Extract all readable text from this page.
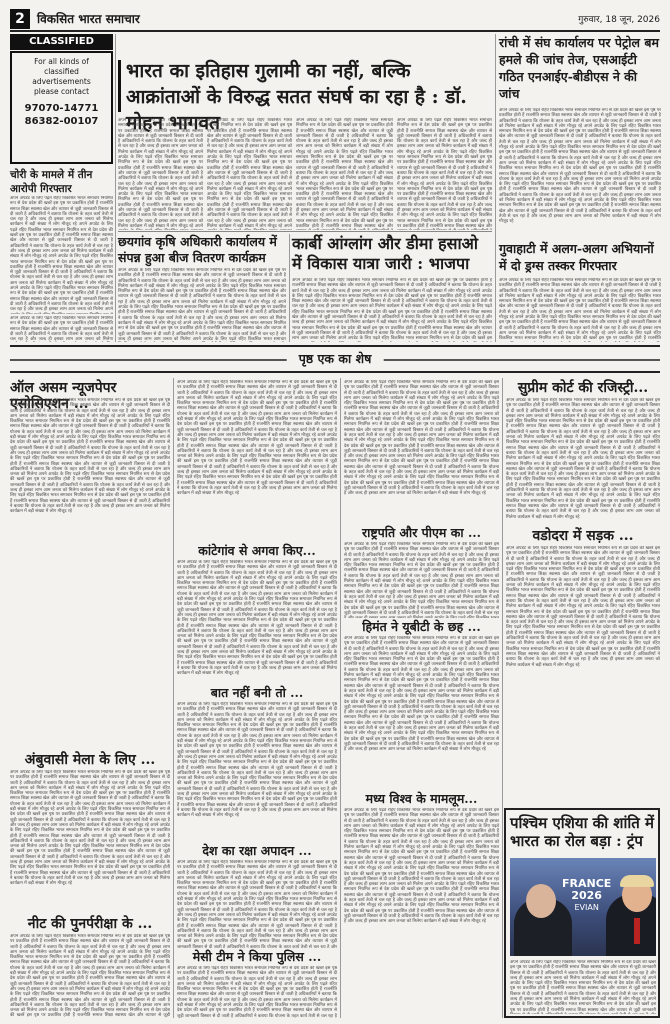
2	विकसित भारत समाचार	गुरुवार, 18 जून, 2026
CLASSIFIED
For all kinds of
classified
advertisements
please contact
97070-14771
86382-00107
चोरी के मामले में तीन आरोपी गिरफ्तार
अपने अपडेट के लिए पढ़ते रहिए विकसित भारत समाचार नियमित रूप से देश प्रदेश की खबरें इस पृष्ठ पर प्रकाशित होती हैं राजनीति समाज शिक्षा स्वास्थ्य खेल और व्यापार से जुड़ी जानकारी विस्तार से दी जाती है अधिकारियों ने बताया कि योजना के तहत कार्य तेजी से चल रहा है और जल्द ही इसका लाभ आम जनता को मिलेगा कार्यक्रम में बड़ी संख्या में लोग मौजूद रहे अपने अपडेट के लिए पढ़ते रहिए विकसित भारत समाचार नियमित रूप से देश प्रदेश की खबरें इस पृष्ठ पर प्रकाशित होती हैं राजनीति समाज शिक्षा स्वास्थ्य खेल और व्यापार से जुड़ी जानकारी विस्तार से दी जाती है अधिकारियों ने बताया कि योजना के तहत कार्य तेजी से चल रहा है और जल्द ही इसका लाभ आम जनता को मिलेगा कार्यक्रम में बड़ी संख्या में लोग मौजूद रहे अपने अपडेट के लिए पढ़ते रहिए विकसित भारत समाचार नियमित रूप से देश प्रदेश की खबरें इस पृष्ठ पर प्रकाशित होती हैं राजनीति समाज शिक्षा स्वास्थ्य खेल और व्यापार से जुड़ी जानकारी विस्तार से दी जाती है अधिकारियों ने बताया कि योजना के तहत कार्य तेजी से चल रहा है और जल्द ही इसका लाभ आम जनता को मिलेगा कार्यक्रम में बड़ी संख्या में लोग मौजूद रहे अपने अपडेट के लिए पढ़ते रहिए विकसित भारत समाचार नियमित रूप से देश प्रदेश की खबरें इस पृष्ठ पर प्रकाशित होती हैं राजनीति समाज शिक्षा स्वास्थ्य खेल और व्यापार से जुड़ी जानकारी विस्तार से दी जाती है अधिकारियों ने बताया कि योजना के तहत कार्य तेजी से चल रहा है और जल्द ही इसका लाभ आम जनता को मिलेगा अपने अपडेट के लिए पढ़ते रहिए विकसित भारत समाचार नियमित रूप से देश प्रदेश की खबरें इस पृष्ठ पर प्रकाशित होती हैं राजनीति समाज शिक्षा स्वास्थ्य खेल और व्यापार से जुड़ी जानकारी विस्तार से दी जाती है अधिकारियों ने बताया कि योजना के तहत कार्य तेजी से चल रहा है और जल्द ही इसका लाभ आम जनता को मिलेगा कार्यक्रम में बड़ी संख्या में लोग मौजूद रहे अपने अपडेट के लिए पढ़ते रहिए विकसित भारत समाचार नियमित रूप से देश प्रदेश की खबरें इस पृष्ठ पर प्रकाशित होती हैं राजनीति समाज शिक्षा स्वास्थ्य खेल और व्यापार से जुड़ी जानकारी विस्तार से दी जाती है अधिकारियों ने बताया कि योजना के तहत कार्य तेजी से चल रहा है और जल्द ही इसका लाभ आम जनता को मिलेगा कार्यक्रम में बड़ी संख्या में लोग मौजूद रहे
अपने अपडेट के लिए पढ़ते रहिए विकसित भारत समाचार नियमित रूप से देश प्रदेश की खबरें इस पृष्ठ पर प्रकाशित होती हैं राजनीति समाज शिक्षा स्वास्थ्य खेल और व्यापार से जुड़ी जानकारी विस्तार से दी जाती है अधिकारियों ने बताया कि योजना के तहत कार्य तेजी से चल रहा है और जल्द ही इसका लाभ आम जनता को मिलेगा कार्यक्रम में बड़ी संख्या में लोग मौजूद रहे अपने अपडेट के लिए पढ़ते रहिए विकसित भारत समाचार नियमित रूप से देश प्रदेश की खबरें इस पृष्ठ पर प्रकाशित होती हैं राजनीति समाज शिक्षा स्वास्थ्य खेल और व्यापार से जुड़ी जानकारी विस्तार से दी जाती है अधिकारियों ने बताया कि योजना के तहत कार्य तेजी से चल रहा है और जल्द ही इसका लाभ आम जनता को मिलेगा कार्यक्रम में बड़ी संख्या में लोग मौजूद रहे अपने अपडेट के लिए पढ़ते रहिए विकसित भारत समाचार नियमित रूप से देश प्रदेश की खबरें इस पृष्ठ पर प्रकाशित होती हैं राजनीति समाज शिक्षा स्वास्थ्य खेल और व्यापार से जुड़ी जानकारी विस्तार से दी जाती है अधिकारियों ने बताया कि योजना के तहत कार्य तेजी से चल रहा है और जल्द ही इसका लाभ आम जनता को मिलेगा कार्यक्रम में बड़ी संख्या में लोग मौजूद रहे अपने अपडेट के लिए पढ़ते रहिए विकसित भारत समाचार नियमित रूप से देश प्रदेश की खबरें इस पृष्ठ पर प्रकाशित होती हैं राजनीति समाज शिक्षा स्वास्थ्य खेल और व्यापार से जुड़ी जानकारी विस्तार से दी जाती है अधिकारियों ने बताया कि योजना के तहत कार्य तेजी से चल रहा है और जल्द ही इसका लाभ आम जनता को मिलेगा अपने अपडेट के लिए पढ़ते रहिए विकसित भारत समाचार नियमित रूप से देश प्रदेश की खबरें इस पृष्ठ पर प्रकाशित होती हैं राजनीति समाज शिक्षा स्वास्थ्य खेल और व्यापार से जुड़ी जानकारी विस्तार से दी जाती है अधिकारियों ने बताया कि योजना के तहत कार्य तेजी से चल रहा है और जल्द ही इसका लाभ आम जनता को मिलेगा कार्यक्रम में बड़ी संख्या में लोग मौजूद रहे अपने अपडेट के लिए पढ़ते रहिए विकसित भारत समाचार नियमित रूप से देश प्रदेश की खबरें इस पृष्ठ पर प्रकाशित होती हैं राजनीति समाज शिक्षा स्वास्थ्य खेल और व्यापार से जुड़ी जानकारी विस्तार से दी जाती है अधिकारियों ने बताया कि योजना के तहत कार्य तेजी से चल रहा है और जल्द ही इसका लाभ आम जनता को मिलेगा कार्यक्रम में बड़ी संख्या में लोग मौजूद रहे
भारत का इतिहास गुलामी का नहीं, बल्कि आक्रांताओं के विरुद्ध सतत संघर्ष का रहा है : डॉ. मोहन भागवत
अपने अपडेट के लिए पढ़ते रहिए विकसित भारत समाचार नियमित रूप से देश प्रदेश की खबरें इस पृष्ठ पर प्रकाशित होती हैं राजनीति समाज शिक्षा स्वास्थ्य खेल और व्यापार से जुड़ी जानकारी विस्तार से दी जाती है अधिकारियों ने बताया कि योजना के तहत कार्य तेजी से चल रहा है और जल्द ही इसका लाभ आम जनता को मिलेगा कार्यक्रम में बड़ी संख्या में लोग मौजूद रहे अपने अपडेट के लिए पढ़ते रहिए विकसित भारत समाचार नियमित रूप से देश प्रदेश की खबरें इस पृष्ठ पर प्रकाशित होती हैं राजनीति समाज शिक्षा स्वास्थ्य खेल और व्यापार से जुड़ी जानकारी विस्तार से दी जाती है अधिकारियों ने बताया कि योजना के तहत कार्य तेजी से चल रहा है और जल्द ही इसका लाभ आम जनता को मिलेगा कार्यक्रम में बड़ी संख्या में लोग मौजूद रहे अपने अपडेट के लिए पढ़ते रहिए विकसित भारत समाचार नियमित रूप से देश प्रदेश की खबरें इस पृष्ठ पर प्रकाशित होती हैं राजनीति समाज शिक्षा स्वास्थ्य खेल और व्यापार से जुड़ी जानकारी विस्तार से दी जाती है अधिकारियों ने बताया कि योजना के तहत कार्य तेजी से चल रहा है और जल्द ही इसका लाभ आम जनता को मिलेगा कार्यक्रम में बड़ी संख्या में लोग मौजूद रहे अपने अपडेट के लिए पढ़ते रहिए विकसित भारत समाचार नियमित रूप से देश प्रदेश की खबरें इस पृष्ठ पर प्रकाशित होती हैं राजनीति समाज शिक्षा स्वास्थ्य खेल और व्यापार से जुड़ी जानकारी विस्तार से दी जाती है अधिकारियों ने बताया कि योजना के तहत कार्य तेजी से चल रहा है और जल्द ही इसका लाभ आम जनता को मिलेगा अपने अपडेट के लिए पढ़ते रहिए विकसित भारत समाचार नियमित रूप से देश प्रदेश की खबरें इस पृष्ठ पर प्रकाशित होती हैं राजनीति समाज शिक्षा स्वास्थ्य खेल और व्यापार से जुड़ी जानकारी विस्तार से दी जाती है अधिकारियों ने बताया कि योजना के तहत कार्य तेजी से चल रहा है और जल्द ही इसका लाभ आम जनता को मिलेगा कार्यक्रम में बड़ी संख्या में लोग मौजूद रहे अपने अपडेट के लिए पढ़ते रहिए विकसित भारत समाचार नियमित रूप से देश प्रदेश की खबरें इस पृष्ठ पर प्रकाशित होती हैं राजनीति समाज शिक्षा स्वास्थ्य खेल और व्यापार से जुड़ी जानकारी विस्तार से दी जाती है अधिकारियों ने बताया कि योजना के तहत कार्य तेजी से चल रहा है और जल्द ही इसका लाभ आम जनता को मिलेगा कार्यक्रम में बड़ी संख्या में लोग मौजूद रहे
अपने अपडेट के लिए पढ़ते रहिए विकसित भारत समाचार नियमित रूप से देश प्रदेश की खबरें इस पृष्ठ पर प्रकाशित होती हैं राजनीति समाज शिक्षा स्वास्थ्य खेल और व्यापार से जुड़ी जानकारी विस्तार से दी जाती है अधिकारियों ने बताया कि योजना के तहत कार्य तेजी से चल रहा है और जल्द ही इसका लाभ आम जनता को मिलेगा कार्यक्रम में बड़ी संख्या में लोग मौजूद रहे अपने अपडेट के लिए पढ़ते रहिए विकसित भारत समाचार नियमित रूप से देश प्रदेश की खबरें इस पृष्ठ पर प्रकाशित होती हैं राजनीति समाज शिक्षा स्वास्थ्य खेल और व्यापार से जुड़ी जानकारी विस्तार से दी जाती है अधिकारियों ने बताया कि योजना के तहत कार्य तेजी से चल रहा है और जल्द ही इसका लाभ आम जनता को मिलेगा कार्यक्रम में बड़ी संख्या में लोग मौजूद रहे अपने अपडेट के लिए पढ़ते रहिए विकसित भारत समाचार नियमित रूप से देश प्रदेश की खबरें इस पृष्ठ पर प्रकाशित होती हैं राजनीति समाज शिक्षा स्वास्थ्य खेल और व्यापार से जुड़ी जानकारी विस्तार से दी जाती है अधिकारियों ने बताया कि योजना के तहत कार्य तेजी से चल रहा है और जल्द ही इसका लाभ आम जनता को मिलेगा कार्यक्रम में बड़ी संख्या में लोग मौजूद रहे अपने अपडेट के लिए पढ़ते रहिए विकसित भारत समाचार नियमित रूप से देश प्रदेश की खबरें इस पृष्ठ पर प्रकाशित होती हैं राजनीति समाज शिक्षा स्वास्थ्य खेल और व्यापार से जुड़ी जानकारी विस्तार से दी जाती है अधिकारियों ने बताया कि योजना के तहत कार्य तेजी से चल रहा है और जल्द ही इसका लाभ आम जनता को मिलेगा अपने अपडेट के लिए पढ़ते रहिए विकसित भारत समाचार नियमित रूप से देश प्रदेश की खबरें इस पृष्ठ पर प्रकाशित होती हैं राजनीति समाज शिक्षा स्वास्थ्य खेल और व्यापार से जुड़ी जानकारी विस्तार से दी जाती है अधिकारियों ने बताया कि योजना के तहत कार्य तेजी से चल रहा है और जल्द ही इसका लाभ आम जनता को मिलेगा कार्यक्रम में बड़ी संख्या में लोग मौजूद रहे अपने अपडेट के लिए पढ़ते रहिए विकसित भारत समाचार नियमित रूप से देश प्रदेश की खबरें इस पृष्ठ पर प्रकाशित होती हैं राजनीति समाज शिक्षा स्वास्थ्य खेल और व्यापार से जुड़ी जानकारी विस्तार से दी जाती है अधिकारियों ने बताया कि योजना के तहत कार्य तेजी से चल रहा है और जल्द ही इसका लाभ आम जनता को मिलेगा कार्यक्रम में बड़ी संख्या में लोग मौजूद रहे
अपने अपडेट के लिए पढ़ते रहिए विकसित भारत समाचार नियमित रूप से देश प्रदेश की खबरें इस पृष्ठ पर प्रकाशित होती हैं राजनीति समाज शिक्षा स्वास्थ्य खेल और व्यापार से जुड़ी जानकारी विस्तार से दी जाती है अधिकारियों ने बताया कि योजना के तहत कार्य तेजी से चल रहा है और जल्द ही इसका लाभ आम जनता को मिलेगा कार्यक्रम में बड़ी संख्या में लोग मौजूद रहे अपने अपडेट के लिए पढ़ते रहिए विकसित भारत समाचार नियमित रूप से देश प्रदेश की खबरें इस पृष्ठ पर प्रकाशित होती हैं राजनीति समाज शिक्षा स्वास्थ्य खेल और व्यापार से जुड़ी जानकारी विस्तार से दी जाती है अधिकारियों ने बताया कि योजना के तहत कार्य तेजी से चल रहा है और जल्द ही इसका लाभ आम जनता को मिलेगा कार्यक्रम में बड़ी संख्या में लोग मौजूद रहे अपने अपडेट के लिए पढ़ते रहिए विकसित भारत समाचार नियमित रूप से देश प्रदेश की खबरें इस पृष्ठ पर प्रकाशित होती हैं राजनीति समाज शिक्षा स्वास्थ्य खेल और व्यापार से जुड़ी जानकारी विस्तार से दी जाती है अधिकारियों ने बताया कि योजना के तहत कार्य तेजी से चल रहा है और जल्द ही इसका लाभ आम जनता को मिलेगा कार्यक्रम में बड़ी संख्या में लोग मौजूद रहे अपने अपडेट के लिए पढ़ते रहिए विकसित भारत समाचार नियमित रूप से देश प्रदेश की खबरें इस पृष्ठ पर प्रकाशित होती हैं राजनीति समाज शिक्षा स्वास्थ्य खेल और व्यापार से जुड़ी जानकारी विस्तार से दी जाती है अधिकारियों ने बताया कि योजना के तहत कार्य तेजी से चल रहा है और जल्द ही इसका लाभ आम जनता को मिलेगा अपने अपडेट के लिए पढ़ते रहिए विकसित भारत समाचार नियमित रूप से देश प्रदेश की खबरें इस पृष्ठ पर प्रकाशित होती हैं राजनीति समाज शिक्षा स्वास्थ्य खेल और व्यापार से जुड़ी जानकारी विस्तार से दी जाती है अधिकारियों ने बताया कि योजना के तहत कार्य तेजी से चल रहा है और जल्द ही इसका लाभ आम जनता को मिलेगा कार्यक्रम में बड़ी संख्या में लोग मौजूद रहे अपने अपडेट के लिए पढ़ते रहिए विकसित भारत समाचार नियमित रूप से देश प्रदेश की खबरें इस पृष्ठ पर प्रकाशित होती हैं राजनीति समाज शिक्षा स्वास्थ्य खेल और व्यापार से जुड़ी जानकारी विस्तार से दी जाती है अधिकारियों ने बताया कि योजना के तहत कार्य तेजी से चल रहा है और जल्द ही इसका लाभ आम जनता को मिलेगा कार्यक्रम में बड़ी संख्या में लोग मौजूद रहे
अपने अपडेट के लिए पढ़ते रहिए विकसित भारत समाचार नियमित रूप से देश प्रदेश की खबरें इस पृष्ठ पर प्रकाशित होती हैं राजनीति समाज शिक्षा स्वास्थ्य खेल और व्यापार से जुड़ी जानकारी विस्तार से दी जाती है अधिकारियों ने बताया कि योजना के तहत कार्य तेजी से चल रहा है और जल्द ही इसका लाभ आम जनता को मिलेगा कार्यक्रम में बड़ी संख्या में लोग मौजूद रहे अपने अपडेट के लिए पढ़ते रहिए विकसित भारत समाचार नियमित रूप से देश प्रदेश की खबरें इस पृष्ठ पर प्रकाशित होती हैं राजनीति समाज शिक्षा स्वास्थ्य खेल और व्यापार से जुड़ी जानकारी विस्तार से दी जाती है अधिकारियों ने बताया कि योजना के तहत कार्य तेजी से चल रहा है और जल्द ही इसका लाभ आम जनता को मिलेगा कार्यक्रम में बड़ी संख्या में लोग मौजूद रहे अपने अपडेट के लिए पढ़ते रहिए विकसित भारत समाचार नियमित रूप से देश प्रदेश की खबरें इस पृष्ठ पर प्रकाशित होती हैं राजनीति समाज शिक्षा स्वास्थ्य खेल और व्यापार से जुड़ी जानकारी विस्तार से दी जाती है अधिकारियों ने बताया कि योजना के तहत कार्य तेजी से चल रहा है और जल्द ही इसका लाभ आम जनता को मिलेगा कार्यक्रम में बड़ी संख्या में लोग मौजूद रहे अपने अपडेट के लिए पढ़ते रहिए विकसित भारत समाचार नियमित रूप से देश प्रदेश की खबरें इस पृष्ठ पर प्रकाशित होती हैं राजनीति समाज शिक्षा स्वास्थ्य खेल और व्यापार से जुड़ी जानकारी विस्तार से दी जाती है अधिकारियों ने बताया कि योजना के तहत कार्य तेजी से चल रहा है और जल्द ही इसका लाभ आम जनता को मिलेगा अपने अपडेट के लिए पढ़ते रहिए विकसित भारत समाचार नियमित रूप से देश प्रदेश की खबरें इस पृष्ठ पर प्रकाशित होती हैं राजनीति समाज शिक्षा स्वास्थ्य खेल और व्यापार से जुड़ी जानकारी विस्तार से दी जाती है अधिकारियों ने बताया कि योजना के तहत कार्य तेजी से चल रहा है और जल्द ही इसका लाभ आम जनता को मिलेगा कार्यक्रम में बड़ी संख्या में लोग मौजूद रहे अपने अपडेट के लिए पढ़ते रहिए विकसित भारत समाचार नियमित रूप से देश प्रदेश की खबरें इस पृष्ठ पर प्रकाशित होती हैं राजनीति समाज शिक्षा स्वास्थ्य खेल और व्यापार से जुड़ी जानकारी विस्तार से दी जाती है अधिकारियों ने बताया कि योजना के तहत कार्य तेजी से चल रहा है और जल्द ही इसका लाभ आम जनता को मिलेगा कार्यक्रम में बड़ी संख्या में लोग मौजूद रहे
रांची में संघ कार्यालय पर पेट्रोल बम हमले की जांच तेज, एसआईटी गठित एनआईए-बीडीएस ने की जांच
अपने अपडेट के लिए पढ़ते रहिए विकसित भारत समाचार नियमित रूप से देश प्रदेश की खबरें इस पृष्ठ पर प्रकाशित होती हैं राजनीति समाज शिक्षा स्वास्थ्य खेल और व्यापार से जुड़ी जानकारी विस्तार से दी जाती है अधिकारियों ने बताया कि योजना के तहत कार्य तेजी से चल रहा है और जल्द ही इसका लाभ आम जनता को मिलेगा कार्यक्रम में बड़ी संख्या में लोग मौजूद रहे अपने अपडेट के लिए पढ़ते रहिए विकसित भारत समाचार नियमित रूप से देश प्रदेश की खबरें इस पृष्ठ पर प्रकाशित होती हैं राजनीति समाज शिक्षा स्वास्थ्य खेल और व्यापार से जुड़ी जानकारी विस्तार से दी जाती है अधिकारियों ने बताया कि योजना के तहत कार्य तेजी से चल रहा है और जल्द ही इसका लाभ आम जनता को मिलेगा कार्यक्रम में बड़ी संख्या में लोग मौजूद रहे अपने अपडेट के लिए पढ़ते रहिए विकसित भारत समाचार नियमित रूप से देश प्रदेश की खबरें इस पृष्ठ पर प्रकाशित होती हैं राजनीति समाज शिक्षा स्वास्थ्य खेल और व्यापार से जुड़ी जानकारी विस्तार से दी जाती है अधिकारियों ने बताया कि योजना के तहत कार्य तेजी से चल रहा है और जल्द ही इसका लाभ आम जनता को मिलेगा कार्यक्रम में बड़ी संख्या में लोग मौजूद रहे अपने अपडेट के लिए पढ़ते रहिए विकसित भारत समाचार नियमित रूप से देश प्रदेश की खबरें इस पृष्ठ पर प्रकाशित होती हैं राजनीति समाज शिक्षा स्वास्थ्य खेल और व्यापार से जुड़ी जानकारी विस्तार से दी जाती है अधिकारियों ने बताया कि योजना के तहत कार्य तेजी से चल रहा है और जल्द ही इसका लाभ आम जनता को मिलेगा अपने अपडेट के लिए पढ़ते रहिए विकसित भारत समाचार नियमित रूप से देश प्रदेश की खबरें इस पृष्ठ पर प्रकाशित होती हैं राजनीति समाज शिक्षा स्वास्थ्य खेल और व्यापार से जुड़ी जानकारी विस्तार से दी जाती है अधिकारियों ने बताया कि योजना के तहत कार्य तेजी से चल रहा है और जल्द ही इसका लाभ आम जनता को मिलेगा कार्यक्रम में बड़ी संख्या में लोग मौजूद रहे अपने अपडेट के लिए पढ़ते रहिए विकसित भारत समाचार नियमित रूप से देश प्रदेश की खबरें इस पृष्ठ पर प्रकाशित होती हैं राजनीति समाज शिक्षा स्वास्थ्य खेल और व्यापार से जुड़ी जानकारी विस्तार से दी जाती है अधिकारियों ने बताया कि योजना के तहत कार्य तेजी से चल रहा है और जल्द ही इसका लाभ आम जनता को मिलेगा कार्यक्रम में बड़ी संख्या में लोग मौजूद रहे
गुवाहाटी में अलग-अलग अभियानों में दो ड्रग्स तस्कर गिरफ्तार
अपने अपडेट के लिए पढ़ते रहिए विकसित भारत समाचार नियमित रूप से देश प्रदेश की खबरें इस पृष्ठ पर प्रकाशित होती हैं राजनीति समाज शिक्षा स्वास्थ्य खेल और व्यापार से जुड़ी जानकारी विस्तार से दी जाती है अधिकारियों ने बताया कि योजना के तहत कार्य तेजी से चल रहा है और जल्द ही इसका लाभ आम जनता को मिलेगा कार्यक्रम में बड़ी संख्या में लोग मौजूद रहे अपने अपडेट के लिए पढ़ते रहिए विकसित भारत समाचार नियमित रूप से देश प्रदेश की खबरें इस पृष्ठ पर प्रकाशित होती हैं राजनीति समाज शिक्षा स्वास्थ्य खेल और व्यापार से जुड़ी जानकारी विस्तार से दी जाती है अधिकारियों ने बताया कि योजना के तहत कार्य तेजी से चल रहा है और जल्द ही इसका लाभ आम जनता को मिलेगा कार्यक्रम में बड़ी संख्या में लोग मौजूद रहे अपने अपडेट के लिए पढ़ते रहिए विकसित भारत समाचार नियमित रूप से देश प्रदेश की खबरें इस पृष्ठ पर प्रकाशित होती हैं राजनीति समाज शिक्षा स्वास्थ्य खेल और व्यापार से जुड़ी जानकारी विस्तार से दी जाती है अधिकारियों ने बताया कि योजना के तहत कार्य तेजी से चल रहा है और जल्द ही इसका लाभ आम जनता को मिलेगा कार्यक्रम में बड़ी संख्या में लोग मौजूद रहे अपने अपडेट के लिए पढ़ते रहिए विकसित भारत समाचार नियमित रूप से देश प्रदेश की खबरें इस पृष्ठ पर प्रकाशित होती हैं राजनीति समाज शिक्षा स्वास्थ्य खेल और व्यापार से जुड़ी जानकारी विस्तार से दी जाती है अधिकारियों ने बताया कि योजना के तहत कार्य तेजी से चल रहा है और जल्द ही इसका लाभ आम जनता को मिलेगा अपने अपडेट के लिए पढ़ते रहिए विकसित भारत समाचार नियमित रूप से देश प्रदेश की खबरें इस पृष्ठ पर प्रकाशित होती हैं राजनीति समाज शिक्षा स्वास्थ्य खेल और व्यापार से जुड़ी जानकारी विस्तार से दी जाती है अधिकारियों ने बताया कि योजना के तहत कार्य तेजी से चल रहा है और जल्द ही इसका लाभ आम जनता को मिलेगा कार्यक्रम में बड़ी संख्या में लोग मौजूद रहे अपने अपडेट के लिए पढ़ते रहिए विकसित भारत समाचार नियमित रूप से देश प्रदेश की खबरें इस पृष्ठ पर प्रकाशित होती हैं राजनीति समाज शिक्षा स्वास्थ्य खेल और व्यापार से जुड़ी जानकारी विस्तार से दी जाती है अधिकारियों ने बताया कि योजना के तहत कार्य तेजी से चल रहा है और जल्द ही इसका लाभ आम जनता को मिलेगा कार्यक्रम में बड़ी संख्या में लोग मौजूद रहे
छयगांव कृषि अधिकारी कार्यालय में संपन्न हुआ बीज वितरण कार्यक्रम
अपने अपडेट के लिए पढ़ते रहिए विकसित भारत समाचार नियमित रूप से देश प्रदेश की खबरें इस पृष्ठ पर प्रकाशित होती हैं राजनीति समाज शिक्षा स्वास्थ्य खेल और व्यापार से जुड़ी जानकारी विस्तार से दी जाती है अधिकारियों ने बताया कि योजना के तहत कार्य तेजी से चल रहा है और जल्द ही इसका लाभ आम जनता को मिलेगा कार्यक्रम में बड़ी संख्या में लोग मौजूद रहे अपने अपडेट के लिए पढ़ते रहिए विकसित भारत समाचार नियमित रूप से देश प्रदेश की खबरें इस पृष्ठ पर प्रकाशित होती हैं राजनीति समाज शिक्षा स्वास्थ्य खेल और व्यापार से जुड़ी जानकारी विस्तार से दी जाती है अधिकारियों ने बताया कि योजना के तहत कार्य तेजी से चल रहा है और जल्द ही इसका लाभ आम जनता को मिलेगा कार्यक्रम में बड़ी संख्या में लोग मौजूद रहे अपने अपडेट के लिए पढ़ते रहिए विकसित भारत समाचार नियमित रूप से देश प्रदेश की खबरें इस पृष्ठ पर प्रकाशित होती हैं राजनीति समाज शिक्षा स्वास्थ्य खेल और व्यापार से जुड़ी जानकारी विस्तार से दी जाती है अधिकारियों ने बताया कि योजना के तहत कार्य तेजी से चल रहा है और जल्द ही इसका लाभ आम जनता को मिलेगा कार्यक्रम में बड़ी संख्या में लोग मौजूद रहे अपने अपडेट के लिए पढ़ते रहिए विकसित भारत समाचार नियमित रूप से देश प्रदेश की खबरें इस पृष्ठ पर प्रकाशित होती हैं राजनीति समाज शिक्षा स्वास्थ्य खेल और व्यापार से जुड़ी जानकारी विस्तार से दी जाती है अधिकारियों ने बताया कि योजना के तहत कार्य तेजी से चल रहा है और जल्द ही इसका लाभ आम जनता को मिलेगा अपने अपडेट के लिए पढ़ते रहिए विकसित भारत समाचार नियमित रूप से देश प्रदेश की खबरें इस पृष्ठ पर प्रकाशित होती हैं राजनीति समाज शिक्षा स्वास्थ्य खेल और व्यापार से जुड़ी जानकारी विस्तार से दी जाती है अधिकारियों ने बताया कि योजना के तहत कार्य तेजी से चल रहा है और जल्द ही इसका लाभ आम जनता को मिलेगा कार्यक्रम में बड़ी संख्या में लोग मौजूद रहे अपने अपडेट के लिए पढ़ते रहिए विकसित भारत समाचार नियमित रूप से देश प्रदेश की खबरें इस पृष्ठ पर प्रकाशित होती हैं राजनीति समाज शिक्षा स्वास्थ्य खेल और व्यापार से जुड़ी जानकारी विस्तार से दी जाती है अधिकारियों ने बताया कि योजना के तहत कार्य तेजी से चल रहा है और जल्द ही इसका लाभ आम जनता को मिलेगा कार्यक्रम में बड़ी संख्या में लोग मौजूद रहे
कार्बी आंग्लांग और डीमा हसाओ में विकास यात्रा जारी : भाजपा
अपने अपडेट के लिए पढ़ते रहिए विकसित भारत समाचार नियमित रूप से देश प्रदेश की खबरें इस पृष्ठ पर प्रकाशित होती हैं राजनीति समाज शिक्षा स्वास्थ्य खेल और व्यापार से जुड़ी जानकारी विस्तार से दी जाती है अधिकारियों ने बताया कि योजना के तहत कार्य तेजी से चल रहा है और जल्द ही इसका लाभ आम जनता को मिलेगा कार्यक्रम में बड़ी संख्या में लोग मौजूद रहे अपने अपडेट के लिए पढ़ते रहिए विकसित भारत समाचार नियमित रूप से देश प्रदेश की खबरें इस पृष्ठ पर प्रकाशित होती हैं राजनीति समाज शिक्षा स्वास्थ्य खेल और व्यापार से जुड़ी जानकारी विस्तार से दी जाती है अधिकारियों ने बताया कि योजना के तहत कार्य तेजी से चल रहा है और जल्द ही इसका लाभ आम जनता को मिलेगा कार्यक्रम में बड़ी संख्या में लोग मौजूद रहे अपने अपडेट के लिए पढ़ते रहिए विकसित भारत समाचार नियमित रूप से देश प्रदेश की खबरें इस पृष्ठ पर प्रकाशित होती हैं राजनीति समाज शिक्षा स्वास्थ्य खेल और व्यापार से जुड़ी जानकारी विस्तार से दी जाती है अधिकारियों ने बताया कि योजना के तहत कार्य तेजी से चल रहा है और जल्द ही इसका लाभ आम जनता को मिलेगा कार्यक्रम में बड़ी संख्या में लोग मौजूद रहे अपने अपडेट के लिए पढ़ते रहिए विकसित भारत समाचार नियमित रूप से देश प्रदेश की खबरें इस पृष्ठ पर प्रकाशित होती हैं राजनीति समाज शिक्षा स्वास्थ्य खेल और व्यापार से जुड़ी जानकारी विस्तार से दी जाती है अधिकारियों ने बताया कि योजना के तहत कार्य तेजी से चल रहा है और जल्द ही इसका लाभ आम जनता को मिलेगा अपने अपडेट के लिए पढ़ते रहिए विकसित भारत समाचार नियमित रूप से देश प्रदेश की खबरें इस पृष्ठ पर प्रकाशित होती हैं राजनीति समाज शिक्षा स्वास्थ्य खेल और व्यापार से जुड़ी जानकारी विस्तार से दी जाती है अधिकारियों ने बताया कि योजना के तहत कार्य तेजी से चल रहा है और जल्द ही इसका लाभ आम जनता को मिलेगा कार्यक्रम में बड़ी संख्या में लोग मौजूद रहे अपने अपडेट के लिए पढ़ते रहिए विकसित भारत समाचार नियमित रूप से देश प्रदेश की खबरें इस पृष्ठ पर प्रकाशित होती हैं राजनीति समाज शिक्षा स्वास्थ्य खेल और व्यापार से जुड़ी जानकारी विस्तार से दी जाती है अधिकारियों ने बताया कि योजना के तहत कार्य तेजी से चल रहा है और जल्द ही इसका लाभ आम जनता को मिलेगा कार्यक्रम में बड़ी संख्या में लोग मौजूद रहे
पृष्ठ एक का शेष
ऑल असम न्यूजपेपर एसोसिएशन ...
अपने अपडेट के लिए पढ़ते रहिए विकसित भारत समाचार नियमित रूप से देश प्रदेश की खबरें इस पृष्ठ पर प्रकाशित होती हैं राजनीति समाज शिक्षा स्वास्थ्य खेल और व्यापार से जुड़ी जानकारी विस्तार से दी जाती है अधिकारियों ने बताया कि योजना के तहत कार्य तेजी से चल रहा है और जल्द ही इसका लाभ आम जनता को मिलेगा कार्यक्रम में बड़ी संख्या में लोग मौजूद रहे अपने अपडेट के लिए पढ़ते रहिए विकसित भारत समाचार नियमित रूप से देश प्रदेश की खबरें इस पृष्ठ पर प्रकाशित होती हैं राजनीति समाज शिक्षा स्वास्थ्य खेल और व्यापार से जुड़ी जानकारी विस्तार से दी जाती है अधिकारियों ने बताया कि योजना के तहत कार्य तेजी से चल रहा है और जल्द ही इसका लाभ आम जनता को मिलेगा कार्यक्रम में बड़ी संख्या में लोग मौजूद रहे अपने अपडेट के लिए पढ़ते रहिए विकसित भारत समाचार नियमित रूप से देश प्रदेश की खबरें इस पृष्ठ पर प्रकाशित होती हैं राजनीति समाज शिक्षा स्वास्थ्य खेल और व्यापार से जुड़ी जानकारी विस्तार से दी जाती है अधिकारियों ने बताया कि योजना के तहत कार्य तेजी से चल रहा है और जल्द ही इसका लाभ आम जनता को मिलेगा कार्यक्रम में बड़ी संख्या में लोग मौजूद रहे अपने अपडेट के लिए पढ़ते रहिए विकसित भारत समाचार नियमित रूप से देश प्रदेश की खबरें इस पृष्ठ पर प्रकाशित होती हैं राजनीति समाज शिक्षा स्वास्थ्य खेल और व्यापार से जुड़ी जानकारी विस्तार से दी जाती है अधिकारियों ने बताया कि योजना के तहत कार्य तेजी से चल रहा है और जल्द ही इसका लाभ आम जनता को मिलेगा अपने अपडेट के लिए पढ़ते रहिए विकसित भारत समाचार नियमित रूप से देश प्रदेश की खबरें इस पृष्ठ पर प्रकाशित होती हैं राजनीति समाज शिक्षा स्वास्थ्य खेल और व्यापार से जुड़ी जानकारी विस्तार से दी जाती है अधिकारियों ने बताया कि योजना के तहत कार्य तेजी से चल रहा है और जल्द ही इसका लाभ आम जनता को मिलेगा कार्यक्रम में बड़ी संख्या में लोग मौजूद रहे अपने अपडेट के लिए पढ़ते रहिए विकसित भारत समाचार नियमित रूप से देश प्रदेश की खबरें इस पृष्ठ पर प्रकाशित होती हैं राजनीति समाज शिक्षा स्वास्थ्य खेल और व्यापार से जुड़ी जानकारी विस्तार से दी जाती है अधिकारियों ने बताया कि योजना के तहत कार्य तेजी से चल रहा है और जल्द ही इसका लाभ आम जनता को मिलेगा कार्यक्रम में बड़ी संख्या में लोग मौजूद रहे
अंबुवासी मेला के लिए ...
अपने अपडेट के लिए पढ़ते रहिए विकसित भारत समाचार नियमित रूप से देश प्रदेश की खबरें इस पृष्ठ पर प्रकाशित होती हैं राजनीति समाज शिक्षा स्वास्थ्य खेल और व्यापार से जुड़ी जानकारी विस्तार से दी जाती है अधिकारियों ने बताया कि योजना के तहत कार्य तेजी से चल रहा है और जल्द ही इसका लाभ आम जनता को मिलेगा कार्यक्रम में बड़ी संख्या में लोग मौजूद रहे अपने अपडेट के लिए पढ़ते रहिए विकसित भारत समाचार नियमित रूप से देश प्रदेश की खबरें इस पृष्ठ पर प्रकाशित होती हैं राजनीति समाज शिक्षा स्वास्थ्य खेल और व्यापार से जुड़ी जानकारी विस्तार से दी जाती है अधिकारियों ने बताया कि योजना के तहत कार्य तेजी से चल रहा है और जल्द ही इसका लाभ आम जनता को मिलेगा कार्यक्रम में बड़ी संख्या में लोग मौजूद रहे अपने अपडेट के लिए पढ़ते रहिए विकसित भारत समाचार नियमित रूप से देश प्रदेश की खबरें इस पृष्ठ पर प्रकाशित होती हैं राजनीति समाज शिक्षा स्वास्थ्य खेल और व्यापार से जुड़ी जानकारी विस्तार से दी जाती है अधिकारियों ने बताया कि योजना के तहत कार्य तेजी से चल रहा है और जल्द ही इसका लाभ आम जनता को मिलेगा कार्यक्रम में बड़ी संख्या में लोग मौजूद रहे अपने अपडेट के लिए पढ़ते रहिए विकसित भारत समाचार नियमित रूप से देश प्रदेश की खबरें इस पृष्ठ पर प्रकाशित होती हैं राजनीति समाज शिक्षा स्वास्थ्य खेल और व्यापार से जुड़ी जानकारी विस्तार से दी जाती है अधिकारियों ने बताया कि योजना के तहत कार्य तेजी से चल रहा है और जल्द ही इसका लाभ आम जनता को मिलेगा अपने अपडेट के लिए पढ़ते रहिए विकसित भारत समाचार नियमित रूप से देश प्रदेश की खबरें इस पृष्ठ पर प्रकाशित होती हैं राजनीति समाज शिक्षा स्वास्थ्य खेल और व्यापार से जुड़ी जानकारी विस्तार से दी जाती है अधिकारियों ने बताया कि योजना के तहत कार्य तेजी से चल रहा है और जल्द ही इसका लाभ आम जनता को मिलेगा कार्यक्रम में बड़ी संख्या में लोग मौजूद रहे अपने अपडेट के लिए पढ़ते रहिए विकसित भारत समाचार नियमित रूप से देश प्रदेश की खबरें इस पृष्ठ पर प्रकाशित होती हैं राजनीति समाज शिक्षा स्वास्थ्य खेल और व्यापार से जुड़ी जानकारी विस्तार से दी जाती है अधिकारियों ने बताया कि योजना के तहत कार्य तेजी से चल रहा है और जल्द ही इसका लाभ आम जनता को मिलेगा कार्यक्रम में बड़ी संख्या में लोग मौजूद रहे
नीट की पुनर्परीक्षा के ...
अपने अपडेट के लिए पढ़ते रहिए विकसित भारत समाचार नियमित रूप से देश प्रदेश की खबरें इस पृष्ठ पर प्रकाशित होती हैं राजनीति समाज शिक्षा स्वास्थ्य खेल और व्यापार से जुड़ी जानकारी विस्तार से दी जाती है अधिकारियों ने बताया कि योजना के तहत कार्य तेजी से चल रहा है और जल्द ही इसका लाभ आम जनता को मिलेगा कार्यक्रम में बड़ी संख्या में लोग मौजूद रहे अपने अपडेट के लिए पढ़ते रहिए विकसित भारत समाचार नियमित रूप से देश प्रदेश की खबरें इस पृष्ठ पर प्रकाशित होती हैं राजनीति समाज शिक्षा स्वास्थ्य खेल और व्यापार से जुड़ी जानकारी विस्तार से दी जाती है अधिकारियों ने बताया कि योजना के तहत कार्य तेजी से चल रहा है और जल्द ही इसका लाभ आम जनता को मिलेगा कार्यक्रम में बड़ी संख्या में लोग मौजूद रहे अपने अपडेट के लिए पढ़ते रहिए विकसित भारत समाचार नियमित रूप से देश प्रदेश की खबरें इस पृष्ठ पर प्रकाशित होती हैं राजनीति समाज शिक्षा स्वास्थ्य खेल और व्यापार से जुड़ी जानकारी विस्तार से दी जाती है अधिकारियों ने बताया कि योजना के तहत कार्य तेजी से चल रहा है और जल्द ही इसका लाभ आम जनता को मिलेगा कार्यक्रम में बड़ी संख्या में लोग मौजूद रहे अपने अपडेट के लिए पढ़ते रहिए विकसित भारत समाचार नियमित रूप से देश प्रदेश की खबरें इस पृष्ठ पर प्रकाशित होती हैं राजनीति समाज शिक्षा स्वास्थ्य खेल और व्यापार से जुड़ी जानकारी विस्तार से दी जाती है अधिकारियों ने बताया कि योजना के तहत कार्य तेजी से चल रहा है और जल्द ही इसका लाभ आम जनता को मिलेगा अपने अपडेट के लिए पढ़ते रहिए विकसित भारत समाचार नियमित रूप से देश प्रदेश की खबरें इस पृष्ठ पर प्रकाशित होती हैं राजनीति समाज शिक्षा स्वास्थ्य खेल और व्यापार से जुड़ी जानकारी विस्तार से दी जाती है अधिकारियों ने बताया कि योजना के तहत कार्य तेजी से चल रहा है और जल्द ही इसका लाभ आम जनता को मिलेगा कार्यक्रम में बड़ी संख्या में लोग मौजूद रहे अपने अपडेट के लिए पढ़ते रहिए विकसित भारत समाचार नियमित रूप से देश प्रदेश की खबरें इस पृष्ठ पर प्रकाशित होती हैं राजनीति समाज शिक्षा स्वास्थ्य खेल और व्यापार से जुड़ी जानकारी विस्तार से दी जाती है अधिकारियों ने बताया कि योजना के तहत कार्य तेजी से चल रहा है और जल्द ही इसका लाभ आम जनता को मिलेगा कार्यक्रम में बड़ी संख्या में लोग मौजूद रहे
अपने अपडेट के लिए पढ़ते रहिए विकसित भारत समाचार नियमित रूप से देश प्रदेश की खबरें इस पृष्ठ पर प्रकाशित होती हैं राजनीति समाज शिक्षा स्वास्थ्य खेल और व्यापार से जुड़ी जानकारी विस्तार से दी जाती है अधिकारियों ने बताया कि योजना के तहत कार्य तेजी से चल रहा है और जल्द ही इसका लाभ आम जनता को मिलेगा कार्यक्रम में बड़ी संख्या में लोग मौजूद रहे अपने अपडेट के लिए पढ़ते रहिए विकसित भारत समाचार नियमित रूप से देश प्रदेश की खबरें इस पृष्ठ पर प्रकाशित होती हैं राजनीति समाज शिक्षा स्वास्थ्य खेल और व्यापार से जुड़ी जानकारी विस्तार से दी जाती है अधिकारियों ने बताया कि योजना के तहत कार्य तेजी से चल रहा है और जल्द ही इसका लाभ आम जनता को मिलेगा कार्यक्रम में बड़ी संख्या में लोग मौजूद रहे अपने अपडेट के लिए पढ़ते रहिए विकसित भारत समाचार नियमित रूप से देश प्रदेश की खबरें इस पृष्ठ पर प्रकाशित होती हैं राजनीति समाज शिक्षा स्वास्थ्य खेल और व्यापार से जुड़ी जानकारी विस्तार से दी जाती है अधिकारियों ने बताया कि योजना के तहत कार्य तेजी से चल रहा है और जल्द ही इसका लाभ आम जनता को मिलेगा कार्यक्रम में बड़ी संख्या में लोग मौजूद रहे अपने अपडेट के लिए पढ़ते रहिए विकसित भारत समाचार नियमित रूप से देश प्रदेश की खबरें इस पृष्ठ पर प्रकाशित होती हैं राजनीति समाज शिक्षा स्वास्थ्य खेल और व्यापार से जुड़ी जानकारी विस्तार से दी जाती है अधिकारियों ने बताया कि योजना के तहत कार्य तेजी से चल रहा है और जल्द ही इसका लाभ आम जनता को मिलेगा अपने अपडेट के लिए पढ़ते रहिए विकसित भारत समाचार नियमित रूप से देश प्रदेश की खबरें इस पृष्ठ पर प्रकाशित होती हैं राजनीति समाज शिक्षा स्वास्थ्य खेल और व्यापार से जुड़ी जानकारी विस्तार से दी जाती है अधिकारियों ने बताया कि योजना के तहत कार्य तेजी से चल रहा है और जल्द ही इसका लाभ आम जनता को मिलेगा कार्यक्रम में बड़ी संख्या में लोग मौजूद रहे अपने अपडेट के लिए पढ़ते रहिए विकसित भारत समाचार नियमित रूप से देश प्रदेश की खबरें इस पृष्ठ पर प्रकाशित होती हैं राजनीति समाज शिक्षा स्वास्थ्य खेल और व्यापार से जुड़ी जानकारी विस्तार से दी जाती है अधिकारियों ने बताया कि योजना के तहत कार्य तेजी से चल रहा है और जल्द ही इसका लाभ आम जनता को मिलेगा कार्यक्रम में बड़ी संख्या में लोग मौजूद रहे
कांटेगांव से अगवा किए...
अपने अपडेट के लिए पढ़ते रहिए विकसित भारत समाचार नियमित रूप से देश प्रदेश की खबरें इस पृष्ठ पर प्रकाशित होती हैं राजनीति समाज शिक्षा स्वास्थ्य खेल और व्यापार से जुड़ी जानकारी विस्तार से दी जाती है अधिकारियों ने बताया कि योजना के तहत कार्य तेजी से चल रहा है और जल्द ही इसका लाभ आम जनता को मिलेगा कार्यक्रम में बड़ी संख्या में लोग मौजूद रहे अपने अपडेट के लिए पढ़ते रहिए विकसित भारत समाचार नियमित रूप से देश प्रदेश की खबरें इस पृष्ठ पर प्रकाशित होती हैं राजनीति समाज शिक्षा स्वास्थ्य खेल और व्यापार से जुड़ी जानकारी विस्तार से दी जाती है अधिकारियों ने बताया कि योजना के तहत कार्य तेजी से चल रहा है और जल्द ही इसका लाभ आम जनता को मिलेगा कार्यक्रम में बड़ी संख्या में लोग मौजूद रहे अपने अपडेट के लिए पढ़ते रहिए विकसित भारत समाचार नियमित रूप से देश प्रदेश की खबरें इस पृष्ठ पर प्रकाशित होती हैं राजनीति समाज शिक्षा स्वास्थ्य खेल और व्यापार से जुड़ी जानकारी विस्तार से दी जाती है अधिकारियों ने बताया कि योजना के तहत कार्य तेजी से चल रहा है और जल्द ही इसका लाभ आम जनता को मिलेगा कार्यक्रम में बड़ी संख्या में लोग मौजूद रहे अपने अपडेट के लिए पढ़ते रहिए विकसित भारत समाचार नियमित रूप से देश प्रदेश की खबरें इस पृष्ठ पर प्रकाशित होती हैं राजनीति समाज शिक्षा स्वास्थ्य खेल और व्यापार से जुड़ी जानकारी विस्तार से दी जाती है अधिकारियों ने बताया कि योजना के तहत कार्य तेजी से चल रहा है और जल्द ही इसका लाभ आम जनता को मिलेगा अपने अपडेट के लिए पढ़ते रहिए विकसित भारत समाचार नियमित रूप से देश प्रदेश की खबरें इस पृष्ठ पर प्रकाशित होती हैं राजनीति समाज शिक्षा स्वास्थ्य खेल और व्यापार से जुड़ी जानकारी विस्तार से दी जाती है अधिकारियों ने बताया कि योजना के तहत कार्य तेजी से चल रहा है और जल्द ही इसका लाभ आम जनता को मिलेगा कार्यक्रम में बड़ी संख्या में लोग मौजूद रहे अपने अपडेट के लिए पढ़ते रहिए विकसित भारत समाचार नियमित रूप से देश प्रदेश की खबरें इस पृष्ठ पर प्रकाशित होती हैं राजनीति समाज शिक्षा स्वास्थ्य खेल और व्यापार से जुड़ी जानकारी विस्तार से दी जाती है अधिकारियों ने बताया कि योजना के तहत कार्य तेजी से चल रहा है और जल्द ही इसका लाभ आम जनता को मिलेगा कार्यक्रम में बड़ी संख्या में लोग मौजूद रहे
बात नहीं बनी तो ...
अपने अपडेट के लिए पढ़ते रहिए विकसित भारत समाचार नियमित रूप से देश प्रदेश की खबरें इस पृष्ठ पर प्रकाशित होती हैं राजनीति समाज शिक्षा स्वास्थ्य खेल और व्यापार से जुड़ी जानकारी विस्तार से दी जाती है अधिकारियों ने बताया कि योजना के तहत कार्य तेजी से चल रहा है और जल्द ही इसका लाभ आम जनता को मिलेगा कार्यक्रम में बड़ी संख्या में लोग मौजूद रहे अपने अपडेट के लिए पढ़ते रहिए विकसित भारत समाचार नियमित रूप से देश प्रदेश की खबरें इस पृष्ठ पर प्रकाशित होती हैं राजनीति समाज शिक्षा स्वास्थ्य खेल और व्यापार से जुड़ी जानकारी विस्तार से दी जाती है अधिकारियों ने बताया कि योजना के तहत कार्य तेजी से चल रहा है और जल्द ही इसका लाभ आम जनता को मिलेगा कार्यक्रम में बड़ी संख्या में लोग मौजूद रहे अपने अपडेट के लिए पढ़ते रहिए विकसित भारत समाचार नियमित रूप से देश प्रदेश की खबरें इस पृष्ठ पर प्रकाशित होती हैं राजनीति समाज शिक्षा स्वास्थ्य खेल और व्यापार से जुड़ी जानकारी विस्तार से दी जाती है अधिकारियों ने बताया कि योजना के तहत कार्य तेजी से चल रहा है और जल्द ही इसका लाभ आम जनता को मिलेगा कार्यक्रम में बड़ी संख्या में लोग मौजूद रहे अपने अपडेट के लिए पढ़ते रहिए विकसित भारत समाचार नियमित रूप से देश प्रदेश की खबरें इस पृष्ठ पर प्रकाशित होती हैं राजनीति समाज शिक्षा स्वास्थ्य खेल और व्यापार से जुड़ी जानकारी विस्तार से दी जाती है अधिकारियों ने बताया कि योजना के तहत कार्य तेजी से चल रहा है और जल्द ही इसका लाभ आम जनता को मिलेगा अपने अपडेट के लिए पढ़ते रहिए विकसित भारत समाचार नियमित रूप से देश प्रदेश की खबरें इस पृष्ठ पर प्रकाशित होती हैं राजनीति समाज शिक्षा स्वास्थ्य खेल और व्यापार से जुड़ी जानकारी विस्तार से दी जाती है अधिकारियों ने बताया कि योजना के तहत कार्य तेजी से चल रहा है और जल्द ही इसका लाभ आम जनता को मिलेगा कार्यक्रम में बड़ी संख्या में लोग मौजूद रहे अपने अपडेट के लिए पढ़ते रहिए विकसित भारत समाचार नियमित रूप से देश प्रदेश की खबरें इस पृष्ठ पर प्रकाशित होती हैं राजनीति समाज शिक्षा स्वास्थ्य खेल और व्यापार से जुड़ी जानकारी विस्तार से दी जाती है अधिकारियों ने बताया कि योजना के तहत कार्य तेजी से चल रहा है और जल्द ही इसका लाभ आम जनता को मिलेगा कार्यक्रम में बड़ी संख्या में लोग मौजूद रहे
देश का रक्षा अपादन ...
अपने अपडेट के लिए पढ़ते रहिए विकसित भारत समाचार नियमित रूप से देश प्रदेश की खबरें इस पृष्ठ पर प्रकाशित होती हैं राजनीति समाज शिक्षा स्वास्थ्य खेल और व्यापार से जुड़ी जानकारी विस्तार से दी जाती है अधिकारियों ने बताया कि योजना के तहत कार्य तेजी से चल रहा है और जल्द ही इसका लाभ आम जनता को मिलेगा कार्यक्रम में बड़ी संख्या में लोग मौजूद रहे अपने अपडेट के लिए पढ़ते रहिए विकसित भारत समाचार नियमित रूप से देश प्रदेश की खबरें इस पृष्ठ पर प्रकाशित होती हैं राजनीति समाज शिक्षा स्वास्थ्य खेल और व्यापार से जुड़ी जानकारी विस्तार से दी जाती है अधिकारियों ने बताया कि योजना के तहत कार्य तेजी से चल रहा है और जल्द ही इसका लाभ आम जनता को मिलेगा कार्यक्रम में बड़ी संख्या में लोग मौजूद रहे अपने अपडेट के लिए पढ़ते रहिए विकसित भारत समाचार नियमित रूप से देश प्रदेश की खबरें इस पृष्ठ पर प्रकाशित होती हैं राजनीति समाज शिक्षा स्वास्थ्य खेल और व्यापार से जुड़ी जानकारी विस्तार से दी जाती है अधिकारियों ने बताया कि योजना के तहत कार्य तेजी से चल रहा है और जल्द ही इसका लाभ आम जनता को मिलेगा कार्यक्रम में बड़ी संख्या में लोग मौजूद रहे अपने अपडेट के लिए पढ़ते रहिए विकसित भारत समाचार नियमित रूप से देश प्रदेश की खबरें इस पृष्ठ पर प्रकाशित होती हैं राजनीति समाज शिक्षा स्वास्थ्य खेल और व्यापार से जुड़ी जानकारी विस्तार से दी जाती है अधिकारियों ने बताया कि योजना के तहत कार्य तेजी से चल रहा है और जल्द ही इसका लाभ आम जनता को मिलेगा अपने अपडेट के लिए पढ़ते रहिए विकसित भारत समाचार नियमित रूप से देश प्रदेश की खबरें इस पृष्ठ पर प्रकाशित होती हैं राजनीति समाज शिक्षा स्वास्थ्य खेल और व्यापार से जुड़ी जानकारी विस्तार से दी जाती है अधिकारियों ने बताया कि योजना के तहत कार्य तेजी से चल रहा है और जल्द ही इसका लाभ आम जनता को मिलेगा कार्यक्रम में बड़ी संख्या में लोग मौजूद रहे अपने अपडेट के लिए पढ़ते रहिए विकसित भारत समाचार नियमित रूप से देश प्रदेश की खबरें इस पृष्ठ पर प्रकाशित होती हैं राजनीति समाज शिक्षा स्वास्थ्य खेल और व्यापार से जुड़ी जानकारी विस्तार से दी जाती है अधिकारियों ने बताया कि योजना के तहत कार्य तेजी से चल रहा है और जल्द ही इसका लाभ आम जनता को मिलेगा कार्यक्रम में बड़ी संख्या में लोग मौजूद रहे
मेसी टीम ने किया पुलिस ...
अपने अपडेट के लिए पढ़ते रहिए विकसित भारत समाचार नियमित रूप से देश प्रदेश की खबरें इस पृष्ठ पर प्रकाशित होती हैं राजनीति समाज शिक्षा स्वास्थ्य खेल और व्यापार से जुड़ी जानकारी विस्तार से दी जाती है अधिकारियों ने बताया कि योजना के तहत कार्य तेजी से चल रहा है और जल्द ही इसका लाभ आम जनता को मिलेगा कार्यक्रम में बड़ी संख्या में लोग मौजूद रहे अपने अपडेट के लिए पढ़ते रहिए विकसित भारत समाचार नियमित रूप से देश प्रदेश की खबरें इस पृष्ठ पर प्रकाशित होती हैं राजनीति समाज शिक्षा स्वास्थ्य खेल और व्यापार से जुड़ी जानकारी विस्तार से दी जाती है अधिकारियों ने बताया कि योजना के तहत कार्य तेजी से चल रहा है और जल्द ही इसका लाभ आम जनता को मिलेगा कार्यक्रम में बड़ी संख्या में लोग मौजूद रहे अपने अपडेट के लिए पढ़ते रहिए विकसित भारत समाचार नियमित रूप से देश प्रदेश की खबरें इस पृष्ठ पर प्रकाशित होती हैं राजनीति समाज शिक्षा स्वास्थ्य खेल और व्यापार से जुड़ी जानकारी विस्तार से दी जाती है अधिकारियों ने बताया कि योजना के तहत कार्य तेजी से चल रहा है और जल्द ही इसका लाभ आम जनता को मिलेगा कार्यक्रम में बड़ी संख्या में लोग मौजूद रहे अपने अपडेट के लिए पढ़ते रहिए विकसित भारत समाचार नियमित रूप से देश प्रदेश की खबरें इस पृष्ठ पर प्रकाशित होती हैं राजनीति समाज शिक्षा स्वास्थ्य खेल और व्यापार से जुड़ी जानकारी विस्तार से दी जाती है अधिकारियों ने बताया कि योजना के तहत कार्य तेजी से चल रहा है और जल्द ही इसका लाभ आम जनता को मिलेगा अपने अपडेट के लिए पढ़ते रहिए विकसित भारत समाचार नियमित रूप से देश प्रदेश की खबरें इस पृष्ठ पर प्रकाशित होती हैं राजनीति समाज शिक्षा स्वास्थ्य खेल और व्यापार से जुड़ी जानकारी विस्तार से दी जाती है अधिकारियों ने बताया कि योजना के तहत कार्य तेजी से चल रहा है और जल्द ही इसका लाभ आम जनता को मिलेगा कार्यक्रम में बड़ी संख्या में लोग मौजूद रहे अपने अपडेट के लिए पढ़ते रहिए विकसित भारत समाचार नियमित रूप से देश प्रदेश की खबरें इस पृष्ठ पर प्रकाशित होती हैं राजनीति समाज शिक्षा स्वास्थ्य खेल और व्यापार से जुड़ी जानकारी विस्तार से दी जाती है अधिकारियों ने बताया कि योजना के तहत कार्य तेजी से चल रहा है और जल्द ही इसका लाभ आम जनता को मिलेगा कार्यक्रम में बड़ी संख्या में लोग मौजूद रहे
अपने अपडेट के लिए पढ़ते रहिए विकसित भारत समाचार नियमित रूप से देश प्रदेश की खबरें इस पृष्ठ पर प्रकाशित होती हैं राजनीति समाज शिक्षा स्वास्थ्य खेल और व्यापार से जुड़ी जानकारी विस्तार से दी जाती है अधिकारियों ने बताया कि योजना के तहत कार्य तेजी से चल रहा है और जल्द ही इसका लाभ आम जनता को मिलेगा कार्यक्रम में बड़ी संख्या में लोग मौजूद रहे अपने अपडेट के लिए पढ़ते रहिए विकसित भारत समाचार नियमित रूप से देश प्रदेश की खबरें इस पृष्ठ पर प्रकाशित होती हैं राजनीति समाज शिक्षा स्वास्थ्य खेल और व्यापार से जुड़ी जानकारी विस्तार से दी जाती है अधिकारियों ने बताया कि योजना के तहत कार्य तेजी से चल रहा है और जल्द ही इसका लाभ आम जनता को मिलेगा कार्यक्रम में बड़ी संख्या में लोग मौजूद रहे अपने अपडेट के लिए पढ़ते रहिए विकसित भारत समाचार नियमित रूप से देश प्रदेश की खबरें इस पृष्ठ पर प्रकाशित होती हैं राजनीति समाज शिक्षा स्वास्थ्य खेल और व्यापार से जुड़ी जानकारी विस्तार से दी जाती है अधिकारियों ने बताया कि योजना के तहत कार्य तेजी से चल रहा है और जल्द ही इसका लाभ आम जनता को मिलेगा कार्यक्रम में बड़ी संख्या में लोग मौजूद रहे अपने अपडेट के लिए पढ़ते रहिए विकसित भारत समाचार नियमित रूप से देश प्रदेश की खबरें इस पृष्ठ पर प्रकाशित होती हैं राजनीति समाज शिक्षा स्वास्थ्य खेल और व्यापार से जुड़ी जानकारी विस्तार से दी जाती है अधिकारियों ने बताया कि योजना के तहत कार्य तेजी से चल रहा है और जल्द ही इसका लाभ आम जनता को मिलेगा अपने अपडेट के लिए पढ़ते रहिए विकसित भारत समाचार नियमित रूप से देश प्रदेश की खबरें इस पृष्ठ पर प्रकाशित होती हैं राजनीति समाज शिक्षा स्वास्थ्य खेल और व्यापार से जुड़ी जानकारी विस्तार से दी जाती है अधिकारियों ने बताया कि योजना के तहत कार्य तेजी से चल रहा है और जल्द ही इसका लाभ आम जनता को मिलेगा कार्यक्रम में बड़ी संख्या में लोग मौजूद रहे अपने अपडेट के लिए पढ़ते रहिए विकसित भारत समाचार नियमित रूप से देश प्रदेश की खबरें इस पृष्ठ पर प्रकाशित होती हैं राजनीति समाज शिक्षा स्वास्थ्य खेल और व्यापार से जुड़ी जानकारी विस्तार से दी जाती है अधिकारियों ने बताया कि योजना के तहत कार्य तेजी से चल रहा है और जल्द ही इसका लाभ आम जनता को मिलेगा कार्यक्रम में बड़ी संख्या में लोग मौजूद रहे
राष्ट्रपति और पीएम का ...
अपने अपडेट के लिए पढ़ते रहिए विकसित भारत समाचार नियमित रूप से देश प्रदेश की खबरें इस पृष्ठ पर प्रकाशित होती हैं राजनीति समाज शिक्षा स्वास्थ्य खेल और व्यापार से जुड़ी जानकारी विस्तार से दी जाती है अधिकारियों ने बताया कि योजना के तहत कार्य तेजी से चल रहा है और जल्द ही इसका लाभ आम जनता को मिलेगा कार्यक्रम में बड़ी संख्या में लोग मौजूद रहे अपने अपडेट के लिए पढ़ते रहिए विकसित भारत समाचार नियमित रूप से देश प्रदेश की खबरें इस पृष्ठ पर प्रकाशित होती हैं राजनीति समाज शिक्षा स्वास्थ्य खेल और व्यापार से जुड़ी जानकारी विस्तार से दी जाती है अधिकारियों ने बताया कि योजना के तहत कार्य तेजी से चल रहा है और जल्द ही इसका लाभ आम जनता को मिलेगा कार्यक्रम में बड़ी संख्या में लोग मौजूद रहे अपने अपडेट के लिए पढ़ते रहिए विकसित भारत समाचार नियमित रूप से देश प्रदेश की खबरें इस पृष्ठ पर प्रकाशित होती हैं राजनीति समाज शिक्षा स्वास्थ्य खेल और व्यापार से जुड़ी जानकारी विस्तार से दी जाती है अधिकारियों ने बताया कि योजना के तहत कार्य तेजी से चल रहा है और जल्द ही इसका लाभ आम जनता को मिलेगा कार्यक्रम में बड़ी संख्या में लोग मौजूद रहे अपने अपडेट के लिए पढ़ते रहिए विकसित भारत समाचार नियमित रूप से देश प्रदेश की खबरें इस पृष्ठ पर प्रकाशित होती हैं राजनीति समाज शिक्षा स्वास्थ्य खेल और व्यापार से जुड़ी जानकारी विस्तार से दी जाती है अधिकारियों ने बताया कि योजना के तहत कार्य तेजी से चल रहा है और जल्द ही इसका लाभ आम जनता को मिलेगा अपने अपडेट के लिए पढ़ते रहिए विकसित भारत समाचार नियमित रूप से देश प्रदेश की खबरें इस पृष्ठ पर प्रकाशित होती हैं राजनीति समाज शिक्षा स्वास्थ्य खेल और व्यापार से जुड़ी जानकारी विस्तार से दी जाती है अधिकारियों ने बताया कि योजना के तहत कार्य तेजी से चल रहा है और जल्द ही इसका लाभ आम जनता को मिलेगा कार्यक्रम में बड़ी संख्या में लोग मौजूद रहे अपने अपडेट के लिए पढ़ते रहिए विकसित भारत समाचार नियमित रूप से देश प्रदेश की खबरें इस पृष्ठ पर प्रकाशित होती हैं राजनीति समाज शिक्षा स्वास्थ्य खेल और व्यापार से जुड़ी जानकारी विस्तार से दी जाती है अधिकारियों ने बताया कि योजना के तहत कार्य तेजी से चल रहा है और जल्द ही इसका लाभ आम जनता को मिलेगा कार्यक्रम में बड़ी संख्या में लोग मौजूद रहे
हिमंत ने यूबीटी के छह ...
अपने अपडेट के लिए पढ़ते रहिए विकसित भारत समाचार नियमित रूप से देश प्रदेश की खबरें इस पृष्ठ पर प्रकाशित होती हैं राजनीति समाज शिक्षा स्वास्थ्य खेल और व्यापार से जुड़ी जानकारी विस्तार से दी जाती है अधिकारियों ने बताया कि योजना के तहत कार्य तेजी से चल रहा है और जल्द ही इसका लाभ आम जनता को मिलेगा कार्यक्रम में बड़ी संख्या में लोग मौजूद रहे अपने अपडेट के लिए पढ़ते रहिए विकसित भारत समाचार नियमित रूप से देश प्रदेश की खबरें इस पृष्ठ पर प्रकाशित होती हैं राजनीति समाज शिक्षा स्वास्थ्य खेल और व्यापार से जुड़ी जानकारी विस्तार से दी जाती है अधिकारियों ने बताया कि योजना के तहत कार्य तेजी से चल रहा है और जल्द ही इसका लाभ आम जनता को मिलेगा कार्यक्रम में बड़ी संख्या में लोग मौजूद रहे अपने अपडेट के लिए पढ़ते रहिए विकसित भारत समाचार नियमित रूप से देश प्रदेश की खबरें इस पृष्ठ पर प्रकाशित होती हैं राजनीति समाज शिक्षा स्वास्थ्य खेल और व्यापार से जुड़ी जानकारी विस्तार से दी जाती है अधिकारियों ने बताया कि योजना के तहत कार्य तेजी से चल रहा है और जल्द ही इसका लाभ आम जनता को मिलेगा कार्यक्रम में बड़ी संख्या में लोग मौजूद रहे अपने अपडेट के लिए पढ़ते रहिए विकसित भारत समाचार नियमित रूप से देश प्रदेश की खबरें इस पृष्ठ पर प्रकाशित होती हैं राजनीति समाज शिक्षा स्वास्थ्य खेल और व्यापार से जुड़ी जानकारी विस्तार से दी जाती है अधिकारियों ने बताया कि योजना के तहत कार्य तेजी से चल रहा है और जल्द ही इसका लाभ आम जनता को मिलेगा अपने अपडेट के लिए पढ़ते रहिए विकसित भारत समाचार नियमित रूप से देश प्रदेश की खबरें इस पृष्ठ पर प्रकाशित होती हैं राजनीति समाज शिक्षा स्वास्थ्य खेल और व्यापार से जुड़ी जानकारी विस्तार से दी जाती है अधिकारियों ने बताया कि योजना के तहत कार्य तेजी से चल रहा है और जल्द ही इसका लाभ आम जनता को मिलेगा कार्यक्रम में बड़ी संख्या में लोग मौजूद रहे अपने अपडेट के लिए पढ़ते रहिए विकसित भारत समाचार नियमित रूप से देश प्रदेश की खबरें इस पृष्ठ पर प्रकाशित होती हैं राजनीति समाज शिक्षा स्वास्थ्य खेल और व्यापार से जुड़ी जानकारी विस्तार से दी जाती है अधिकारियों ने बताया कि योजना के तहत कार्य तेजी से चल रहा है और जल्द ही इसका लाभ आम जनता को मिलेगा कार्यक्रम में बड़ी संख्या में लोग मौजूद रहे
मध्य विश्व के मामलूम...
अपने अपडेट के लिए पढ़ते रहिए विकसित भारत समाचार नियमित रूप से देश प्रदेश की खबरें इस पृष्ठ पर प्रकाशित होती हैं राजनीति समाज शिक्षा स्वास्थ्य खेल और व्यापार से जुड़ी जानकारी विस्तार से दी जाती है अधिकारियों ने बताया कि योजना के तहत कार्य तेजी से चल रहा है और जल्द ही इसका लाभ आम जनता को मिलेगा कार्यक्रम में बड़ी संख्या में लोग मौजूद रहे अपने अपडेट के लिए पढ़ते रहिए विकसित भारत समाचार नियमित रूप से देश प्रदेश की खबरें इस पृष्ठ पर प्रकाशित होती हैं राजनीति समाज शिक्षा स्वास्थ्य खेल और व्यापार से जुड़ी जानकारी विस्तार से दी जाती है अधिकारियों ने बताया कि योजना के तहत कार्य तेजी से चल रहा है और जल्द ही इसका लाभ आम जनता को मिलेगा कार्यक्रम में बड़ी संख्या में लोग मौजूद रहे अपने अपडेट के लिए पढ़ते रहिए विकसित भारत समाचार नियमित रूप से देश प्रदेश की खबरें इस पृष्ठ पर प्रकाशित होती हैं राजनीति समाज शिक्षा स्वास्थ्य खेल और व्यापार से जुड़ी जानकारी विस्तार से दी जाती है अधिकारियों ने बताया कि योजना के तहत कार्य तेजी से चल रहा है और जल्द ही इसका लाभ आम जनता को मिलेगा कार्यक्रम में बड़ी संख्या में लोग मौजूद रहे अपने अपडेट के लिए पढ़ते रहिए विकसित भारत समाचार नियमित रूप से देश प्रदेश की खबरें इस पृष्ठ पर प्रकाशित होती हैं राजनीति समाज शिक्षा स्वास्थ्य खेल और व्यापार से जुड़ी जानकारी विस्तार से दी जाती है अधिकारियों ने बताया कि योजना के तहत कार्य तेजी से चल रहा है और जल्द ही इसका लाभ आम जनता को मिलेगा अपने अपडेट के लिए पढ़ते रहिए विकसित भारत समाचार नियमित रूप से देश प्रदेश की खबरें इस पृष्ठ पर प्रकाशित होती हैं राजनीति समाज शिक्षा स्वास्थ्य खेल और व्यापार से जुड़ी जानकारी विस्तार से दी जाती है अधिकारियों ने बताया कि योजना के तहत कार्य तेजी से चल रहा है और जल्द ही इसका लाभ आम जनता को मिलेगा कार्यक्रम में बड़ी संख्या में लोग मौजूद रहे अपने अपडेट के लिए पढ़ते रहिए विकसित भारत समाचार नियमित रूप से देश प्रदेश की खबरें इस पृष्ठ पर प्रकाशित होती हैं राजनीति समाज शिक्षा स्वास्थ्य खेल और व्यापार से जुड़ी जानकारी विस्तार से दी जाती है अधिकारियों ने बताया कि योजना के तहत कार्य तेजी से चल रहा है और जल्द ही इसका लाभ आम जनता को मिलेगा कार्यक्रम में बड़ी संख्या में लोग मौजूद रहे
सुप्रीम कोर्ट की रजिस्ट्री...
अपने अपडेट के लिए पढ़ते रहिए विकसित भारत समाचार नियमित रूप से देश प्रदेश की खबरें इस पृष्ठ पर प्रकाशित होती हैं राजनीति समाज शिक्षा स्वास्थ्य खेल और व्यापार से जुड़ी जानकारी विस्तार से दी जाती है अधिकारियों ने बताया कि योजना के तहत कार्य तेजी से चल रहा है और जल्द ही इसका लाभ आम जनता को मिलेगा कार्यक्रम में बड़ी संख्या में लोग मौजूद रहे अपने अपडेट के लिए पढ़ते रहिए विकसित भारत समाचार नियमित रूप से देश प्रदेश की खबरें इस पृष्ठ पर प्रकाशित होती हैं राजनीति समाज शिक्षा स्वास्थ्य खेल और व्यापार से जुड़ी जानकारी विस्तार से दी जाती है अधिकारियों ने बताया कि योजना के तहत कार्य तेजी से चल रहा है और जल्द ही इसका लाभ आम जनता को मिलेगा कार्यक्रम में बड़ी संख्या में लोग मौजूद रहे अपने अपडेट के लिए पढ़ते रहिए विकसित भारत समाचार नियमित रूप से देश प्रदेश की खबरें इस पृष्ठ पर प्रकाशित होती हैं राजनीति समाज शिक्षा स्वास्थ्य खेल और व्यापार से जुड़ी जानकारी विस्तार से दी जाती है अधिकारियों ने बताया कि योजना के तहत कार्य तेजी से चल रहा है और जल्द ही इसका लाभ आम जनता को मिलेगा कार्यक्रम में बड़ी संख्या में लोग मौजूद रहे अपने अपडेट के लिए पढ़ते रहिए विकसित भारत समाचार नियमित रूप से देश प्रदेश की खबरें इस पृष्ठ पर प्रकाशित होती हैं राजनीति समाज शिक्षा स्वास्थ्य खेल और व्यापार से जुड़ी जानकारी विस्तार से दी जाती है अधिकारियों ने बताया कि योजना के तहत कार्य तेजी से चल रहा है और जल्द ही इसका लाभ आम जनता को मिलेगा अपने अपडेट के लिए पढ़ते रहिए विकसित भारत समाचार नियमित रूप से देश प्रदेश की खबरें इस पृष्ठ पर प्रकाशित होती हैं राजनीति समाज शिक्षा स्वास्थ्य खेल और व्यापार से जुड़ी जानकारी विस्तार से दी जाती है अधिकारियों ने बताया कि योजना के तहत कार्य तेजी से चल रहा है और जल्द ही इसका लाभ आम जनता को मिलेगा कार्यक्रम में बड़ी संख्या में लोग मौजूद रहे अपने अपडेट के लिए पढ़ते रहिए विकसित भारत समाचार नियमित रूप से देश प्रदेश की खबरें इस पृष्ठ पर प्रकाशित होती हैं राजनीति समाज शिक्षा स्वास्थ्य खेल और व्यापार से जुड़ी जानकारी विस्तार से दी जाती है अधिकारियों ने बताया कि योजना के तहत कार्य तेजी से चल रहा है और जल्द ही इसका लाभ आम जनता को मिलेगा कार्यक्रम में बड़ी संख्या में लोग मौजूद रहे
वडोदरा में सड़क ...
अपने अपडेट के लिए पढ़ते रहिए विकसित भारत समाचार नियमित रूप से देश प्रदेश की खबरें इस पृष्ठ पर प्रकाशित होती हैं राजनीति समाज शिक्षा स्वास्थ्य खेल और व्यापार से जुड़ी जानकारी विस्तार से दी जाती है अधिकारियों ने बताया कि योजना के तहत कार्य तेजी से चल रहा है और जल्द ही इसका लाभ आम जनता को मिलेगा कार्यक्रम में बड़ी संख्या में लोग मौजूद रहे अपने अपडेट के लिए पढ़ते रहिए विकसित भारत समाचार नियमित रूप से देश प्रदेश की खबरें इस पृष्ठ पर प्रकाशित होती हैं राजनीति समाज शिक्षा स्वास्थ्य खेल और व्यापार से जुड़ी जानकारी विस्तार से दी जाती है अधिकारियों ने बताया कि योजना के तहत कार्य तेजी से चल रहा है और जल्द ही इसका लाभ आम जनता को मिलेगा कार्यक्रम में बड़ी संख्या में लोग मौजूद रहे अपने अपडेट के लिए पढ़ते रहिए विकसित भारत समाचार नियमित रूप से देश प्रदेश की खबरें इस पृष्ठ पर प्रकाशित होती हैं राजनीति समाज शिक्षा स्वास्थ्य खेल और व्यापार से जुड़ी जानकारी विस्तार से दी जाती है अधिकारियों ने बताया कि योजना के तहत कार्य तेजी से चल रहा है और जल्द ही इसका लाभ आम जनता को मिलेगा कार्यक्रम में बड़ी संख्या में लोग मौजूद रहे अपने अपडेट के लिए पढ़ते रहिए विकसित भारत समाचार नियमित रूप से देश प्रदेश की खबरें इस पृष्ठ पर प्रकाशित होती हैं राजनीति समाज शिक्षा स्वास्थ्य खेल और व्यापार से जुड़ी जानकारी विस्तार से दी जाती है अधिकारियों ने बताया कि योजना के तहत कार्य तेजी से चल रहा है और जल्द ही इसका लाभ आम जनता को मिलेगा अपने अपडेट के लिए पढ़ते रहिए विकसित भारत समाचार नियमित रूप से देश प्रदेश की खबरें इस पृष्ठ पर प्रकाशित होती हैं राजनीति समाज शिक्षा स्वास्थ्य खेल और व्यापार से जुड़ी जानकारी विस्तार से दी जाती है अधिकारियों ने बताया कि योजना के तहत कार्य तेजी से चल रहा है और जल्द ही इसका लाभ आम जनता को मिलेगा कार्यक्रम में बड़ी संख्या में लोग मौजूद रहे अपने अपडेट के लिए पढ़ते रहिए विकसित भारत समाचार नियमित रूप से देश प्रदेश की खबरें इस पृष्ठ पर प्रकाशित होती हैं राजनीति समाज शिक्षा स्वास्थ्य खेल और व्यापार से जुड़ी जानकारी विस्तार से दी जाती है अधिकारियों ने बताया कि योजना के तहत कार्य तेजी से चल रहा है और जल्द ही इसका लाभ आम जनता को मिलेगा कार्यक्रम में बड़ी संख्या में लोग मौजूद रहे
पश्चिम एशिया की शांति में भारत का रोल बड़ा : ट्रंप
FRANCE
2026
EVIAN
अपने अपडेट के लिए पढ़ते रहिए विकसित भारत समाचार नियमित रूप से देश प्रदेश की खबरें इस पृष्ठ पर प्रकाशित होती हैं राजनीति समाज शिक्षा स्वास्थ्य खेल और व्यापार से जुड़ी जानकारी विस्तार से दी जाती है अधिकारियों ने बताया कि योजना के तहत कार्य तेजी से चल रहा है और जल्द ही इसका लाभ आम जनता को मिलेगा कार्यक्रम में बड़ी संख्या में लोग मौजूद रहे अपने अपडेट के लिए पढ़ते रहिए विकसित भारत समाचार नियमित रूप से देश प्रदेश की खबरें इस पृष्ठ पर प्रकाशित होती हैं राजनीति समाज शिक्षा स्वास्थ्य खेल और व्यापार से जुड़ी जानकारी विस्तार से दी जाती है अधिकारियों ने बताया कि योजना के तहत कार्य तेजी से चल रहा है और जल्द ही इसका लाभ आम जनता को मिलेगा कार्यक्रम में बड़ी संख्या में लोग मौजूद रहे अपने अपडेट के लिए पढ़ते रहिए विकसित भारत समाचार नियमित रूप से देश प्रदेश की खबरें इस पृष्ठ पर प्रकाशित होती हैं राजनीति समाज शिक्षा स्वास्थ्य खेल और व्यापार से जुड़ी जानकारी विस्तार से दी जाती है अधिकारियों ने बताया कि योजना के तहत कार्य तेजी से चल रहा है और जल्द ही इसका लाभ आम जनता को मिलेगा कार्यक्रम में बड़ी संख्या में लोग मौजूद रहे अपने अपडेट के लिए पढ़ते रहिए विकसित भारत समाचार नियमित रूप से देश प्रदेश की खबरें इस पृष्ठ पर प्रकाशित होती हैं राजनीति समाज शिक्षा स्वास्थ्य खेल और व्यापार से जुड़ी जानकारी विस्तार से दी जाती है अधिकारियों ने बताया कि योजना के तहत कार्य तेजी से चल रहा है और जल्द ही इसका लाभ आम जनता को मिलेगा अपने अपडेट के लिए पढ़ते रहिए विकसित भारत समाचार नियमित रूप से देश प्रदेश की खबरें इस पृष्ठ पर प्रकाशित होती हैं राजनीति समाज शिक्षा स्वास्थ्य खेल और व्यापार से जुड़ी जानकारी विस्तार से दी जाती है अधिकारियों ने बताया कि योजना के तहत कार्य तेजी से चल रहा है और जल्द ही इसका लाभ आम जनता को मिलेगा कार्यक्रम में बड़ी संख्या में लोग मौजूद रहे अपने अपडेट के लिए पढ़ते रहिए विकसित भारत समाचार नियमित रूप से देश प्रदेश की खबरें इस पृष्ठ पर प्रकाशित होती हैं राजनीति समाज शिक्षा स्वास्थ्य खेल और व्यापार से जुड़ी जानकारी विस्तार से दी जाती है अधिकारियों ने बताया कि योजना के तहत कार्य तेजी से चल रहा है और जल्द ही इसका लाभ आम जनता को मिलेगा कार्यक्रम में बड़ी संख्या में लोग मौजूद रहे
